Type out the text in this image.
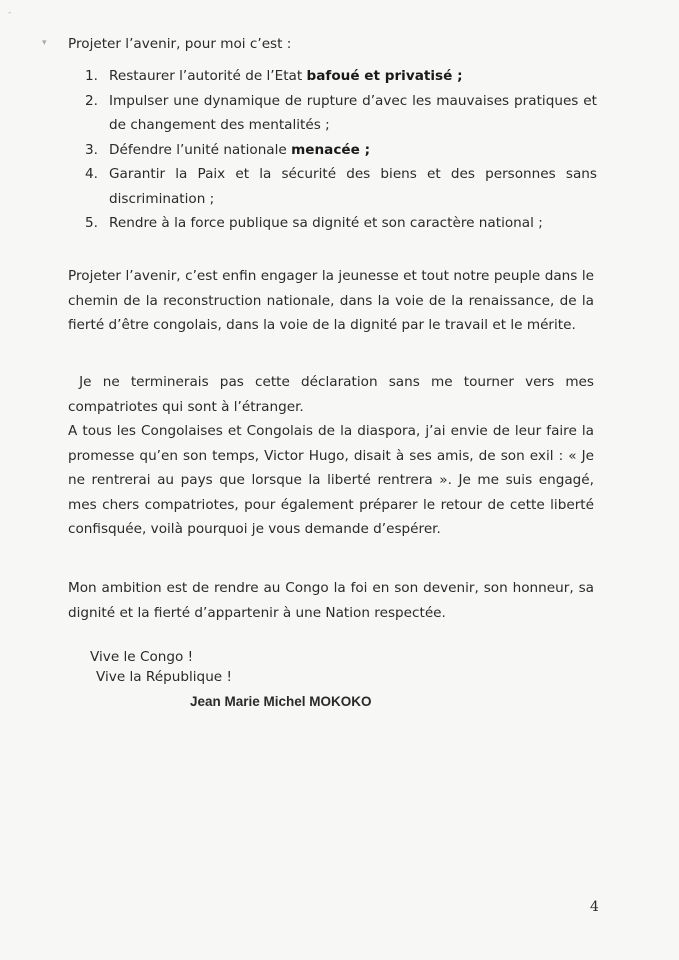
-
▾ Projeter l’avenir, pour moi c’est :
1. Restaurer l’autorité de l’Etat bafoué et privatisé ;
2. Impulser une dynamique de rupture d’avec les mauvaises pratiques et de changement des mentalités ;
3. Défendre l’unité nationale menacée ;
4. Garantir la Paix et la sécurité des biens et des personnes sans discrimination ;
5. Rendre à la force publique sa dignité et son caractère national ;

Projeter l’avenir, c’est enfin engager la jeunesse et tout notre peuple dans le chemin de la reconstruction nationale, dans la voie de la renaissance, de la fierté d’être congolais, dans la voie de la dignité par le travail et le mérite.

Je ne terminerais pas cette déclaration sans me tourner vers mes compatriotes qui sont à l’étranger.
A tous les Congolaises et Congolais de la diaspora, j’ai envie de leur faire la promesse qu’en son temps, Victor Hugo, disait à ses amis, de son exil : « Je ne rentrerai au pays que lorsque la liberté rentrera ». Je me suis engagé, mes chers compatriotes, pour également préparer le retour de cette liberté confisquée, voilà pourquoi je vous demande d’espérer.

Mon ambition est de rendre au Congo la foi en son devenir, son honneur, sa dignité et la fierté d’appartenir à une Nation respectée.

Vive le Congo !
Vive la République !
Jean Marie Michel MOKOKO
4
